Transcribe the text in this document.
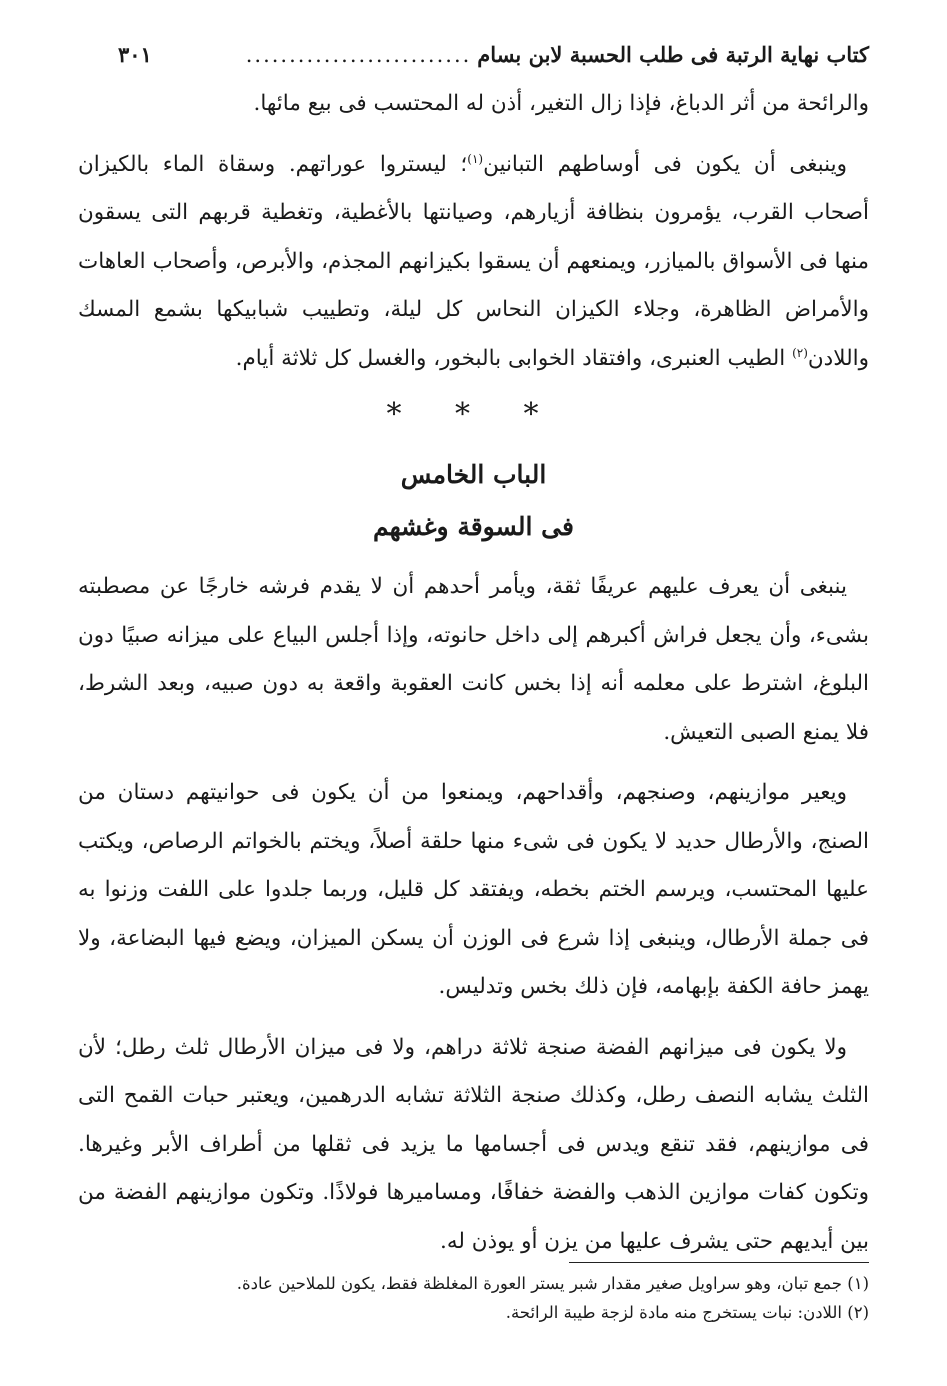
كتاب نهاية الرتبة فى طلب الحسبة لابن بسام
..........................
٣٠١

والرائحة من أثر الدباغ، فإذا زال التغير، أذن له المحتسب فى بيع مائها.

وينبغى أن يكون فى أوساطهم التبانين$^{(١)}$؛ ليستروا عوراتهم. وسقاة الماء بالكيزان أصحاب القرب، يؤمرون بنظافة أزيارهم، وصيانتها بالأغطية، وتغطية قربهم التى يسقون منها فى الأسواق بالميازر، ويمنعهم أن يسقوا بكيزانهم المجذم، والأبرص، وأصحاب العاهات والأمراض الظاهرة، وجلاء الكيزان النحاس كل ليلة، وتطييب شبابيكها بشمع المسك واللادن$^{(٢)}$ الطيب العنبرى، وافتقاد الخوابى بالبخور، والغسل كل ثلاثة أيام.

* * *

الباب الخامس

فى السوقة وغشهم

ينبغى أن يعرف عليهم عريفًا ثقة، ويأمر أحدهم أن لا يقدم فرشه خارجًا عن مصطبته بشىء، وأن يجعل فراش أكبرهم إلى داخل حانوته، وإذا أجلس البياع على ميزانه صبيًا دون البلوغ، اشترط على معلمه أنه إذا بخس كانت العقوبة واقعة به دون صبيه، وبعد الشرط، فلا يمنع الصبى التعيش.

ويعير موازينهم، وصنجهم، وأقداحهم، ويمنعوا من أن يكون فى حوانيتهم دستان من الصنج، والأرطال حديد لا يكون فى شىء منها حلقة أصلاً، ويختم بالخواتم الرصاص، ويكتب عليها المحتسب، ويرسم الختم بخطه، ويفتقد كل قليل، وربما جلدوا على اللفت وزنوا به فى جملة الأرطال، وينبغى إذا شرع فى الوزن أن يسكن الميزان، ويضع فيها البضاعة، ولا يهمز حافة الكفة بإبهامه، فإن ذلك بخس وتدليس.

ولا يكون فى ميزانهم الفضة صنجة ثلاثة دراهم، ولا فى ميزان الأرطال ثلث رطل؛ لأن الثلث يشابه النصف رطل، وكذلك صنجة الثلاثة تشابه الدرهمين، ويعتبر حبات القمح التى فى موازينهم، فقد تنقع ويدس فى أجسامها ما يزيد فى ثقلها من أطراف الأبر وغيرها. وتكون كفات موازين الذهب والفضة خفافًا، ومساميرها فولاذًا. وتكون موازينهم الفضة من بين أيديهم حتى يشرف عليها من يزن أو يوذن له.

(١) جمع تبان، وهو سراويل صغير مقدار شبر يستر العورة المغلظة فقط، يكون للملاحين عادة.

(٢) اللادن: نبات يستخرج منه مادة لزجة طيبة الرائحة.
